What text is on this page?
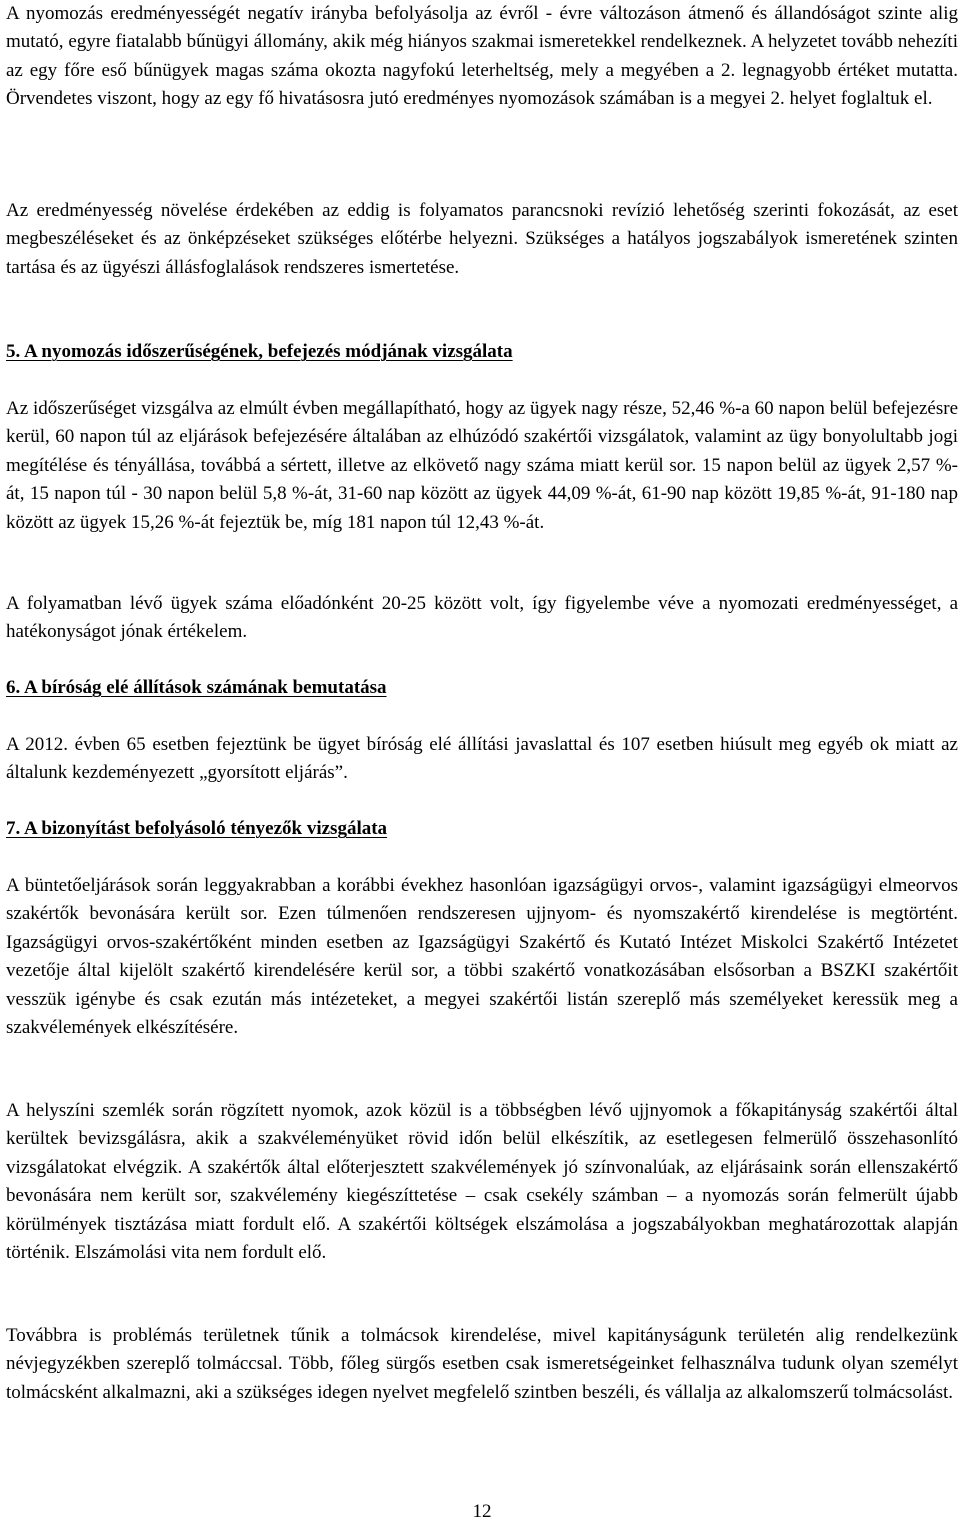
A nyomozás eredményességét negatív irányba befolyásolja az évről - évre változáson átmenő és állandóságot szinte alig mutató, egyre fiatalabb bűnügyi állomány, akik még hiányos szakmai ismeretekkel rendelkeznek. A helyzetet tovább nehezíti az egy főre eső bűnügyek magas száma okozta nagyfokú leterheltség, mely a megyében a 2. legnagyobb értéket mutatta. Örvendetes viszont, hogy az egy fő hivatásosra jutó eredményes nyomozások számában is a megyei 2. helyet foglaltuk el.

Az eredményesség növelése érdekében az eddig is folyamatos parancsnoki revízió lehetőség szerinti fokozását, az eset megbeszéléseket és az önképzéseket szükséges előtérbe helyezni. Szükséges a hatályos jogszabályok ismeretének szinten tartása és az ügyészi állásfoglalások rendszeres ismertetése.

5. A nyomozás időszerűségének, befejezés módjának vizsgálata

Az időszerűséget vizsgálva az elmúlt évben megállapítható, hogy az ügyek nagy része, 52,46 %-a 60 napon belül befejezésre kerül, 60 napon túl az eljárások befejezésére általában az elhúzódó szakértői vizsgálatok, valamint az ügy bonyolultabb jogi megítélése és tényállása, továbbá a sértett, illetve az elkövető nagy száma miatt kerül sor. 15 napon belül az ügyek 2,57 %-át, 15 napon túl - 30 napon belül 5,8 %-át, 31-60 nap között az ügyek 44,09 %-át, 61-90 nap között 19,85 %-át, 91-180 nap között az ügyek 15,26 %-át fejeztük be, míg 181 napon túl 12,43 %-át.

A folyamatban lévő ügyek száma előadónként 20-25 között volt, így figyelembe véve a nyomozati eredményességet, a hatékonyságot jónak értékelem.

6. A bíróság elé állítások számának bemutatása

A 2012. évben 65 esetben fejeztünk be ügyet bíróság elé állítási javaslattal és 107 esetben hiúsult meg egyéb ok miatt az általunk kezdeményezett „gyorsított eljárás”.

7. A bizonyítást befolyásoló tényezők vizsgálata

A büntetőeljárások során leggyakrabban a korábbi évekhez hasonlóan igazságügyi orvos-, valamint igazságügyi elmeorvos szakértők bevonására került sor. Ezen túlmenően rendszeresen ujjnyom- és nyomszakértő kirendelése is megtörtént. Igazságügyi orvos-szakértőként minden esetben az Igazságügyi Szakértő és Kutató Intézet Miskolci Szakértő Intézetet vezetője által kijelölt szakértő kirendelésére kerül sor, a többi szakértő vonatkozásában elsősorban a BSZKI szakértőit vesszük igénybe és csak ezután más intézeteket, a megyei szakértői listán szereplő más személyeket keressük meg a szakvélemények elkészítésére.

A helyszíni szemlék során rögzített nyomok, azok közül is a többségben lévő ujjnyomok a főkapitányság szakértői által kerültek bevizsgálásra, akik a szakvéleményüket rövid időn belül elkészítik, az esetlegesen felmerülő összehasonlító vizsgálatokat elvégzik. A szakértők által előterjesztett szakvélemények jó színvonalúak, az eljárásaink során ellenszakértő bevonására nem került sor, szakvélemény kiegészíttetése – csak csekély számban – a nyomozás során felmerült újabb körülmények tisztázása miatt fordult elő. A szakértői költségek elszámolása a jogszabályokban meghatározottak alapján történik. Elszámolási vita nem fordult elő.

Továbbra is problémás területnek tűnik a tolmácsok kirendelése, mivel kapitányságunk területén alig rendelkezünk névjegyzékben szereplő tolmáccsal. Több, főleg sürgős esetben csak ismeretségeinket felhasználva tudunk olyan személyt tolmácsként alkalmazni, aki a szükséges idegen nyelvet megfelelő szintben beszéli, és vállalja az alkalomszerű tolmácsolást.

12
